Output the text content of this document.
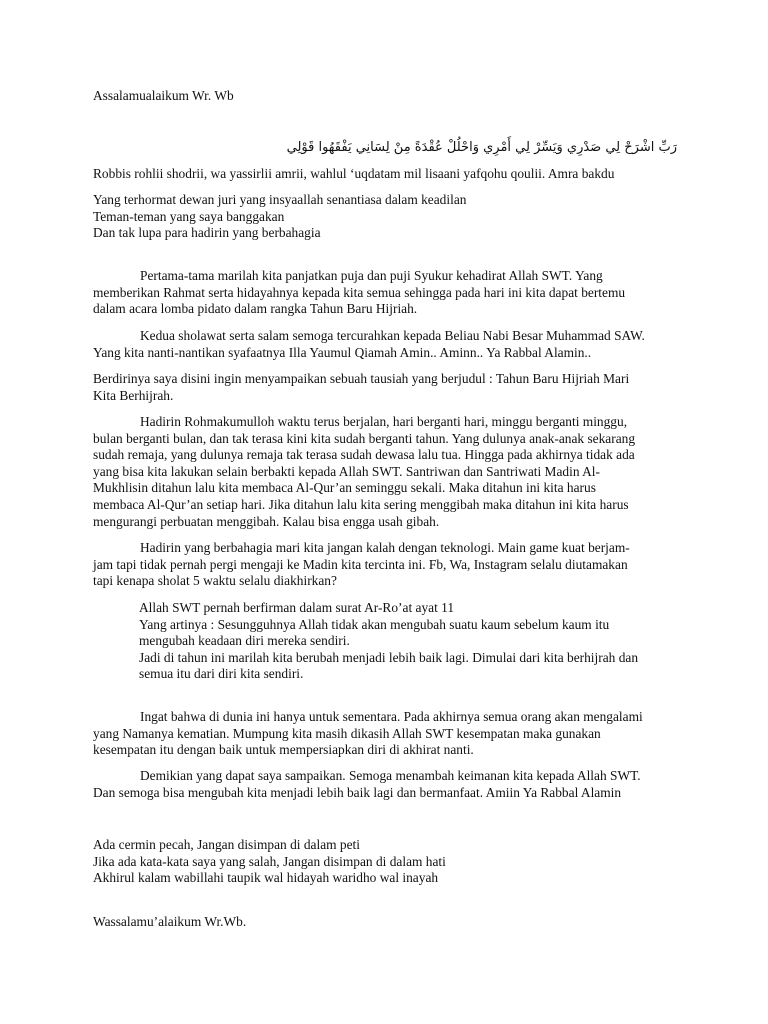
Assalamualaikum Wr. Wb

رَبِّ اشْرَحْ لِي صَدْرِي وَيَسِّرْ لِي أَمْرِي وَاحْلُلْ عُقْدَةً مِنْ لِسَانِي يَفْقَهُوا قَوْلِي

Robbis rohlii shodrii, wa yassirlii amrii, wahlul ‘uqdatam mil lisaani yafqohu qoulii. Amra bakdu

Yang terhormat dewan juri yang insyaallah senantiasa dalam keadilan
Teman-teman yang saya banggakan
Dan tak lupa para hadirin yang berbahagia
Pertama-tama marilah kita panjatkan puja dan puji Syukur kehadirat Allah SWT. Yang
memberikan Rahmat serta hidayahnya kepada kita semua sehingga pada hari ini kita dapat bertemu
dalam acara lomba pidato dalam rangka Tahun Baru Hijriah.
Kedua sholawat serta salam semoga tercurahkan kepada Beliau Nabi Besar Muhammad SAW.
Yang kita nanti-nantikan syafaatnya Illa Yaumul Qiamah Amin.. Aminn.. Ya Rabbal Alamin..
Berdirinya saya disini ingin menyampaikan sebuah tausiah yang berjudul : Tahun Baru Hijriah Mari
Kita Berhijrah.
Hadirin Rohmakumulloh waktu terus berjalan, hari berganti hari, minggu berganti minggu,
bulan berganti bulan, dan tak terasa kini kita sudah berganti tahun. Yang dulunya anak-anak sekarang
sudah remaja, yang dulunya remaja tak terasa sudah dewasa lalu tua. Hingga pada akhirnya tidak ada
yang bisa kita lakukan selain berbakti kepada Allah SWT. Santriwan dan Santriwati Madin Al-
Mukhlisin ditahun lalu kita membaca Al-Qur’an seminggu sekali. Maka ditahun ini kita harus
membaca Al-Qur’an setiap hari. Jika ditahun lalu kita sering menggibah maka ditahun ini kita harus
mengurangi perbuatan menggibah. Kalau bisa engga usah gibah.
Hadirin yang berbahagia mari kita jangan kalah dengan teknologi. Main game kuat berjam-
jam tapi tidak pernah pergi mengaji ke Madin kita tercinta ini. Fb, Wa, Instagram selalu diutamakan
tapi kenapa sholat 5 waktu selalu diakhirkan?
Allah SWT pernah berfirman dalam surat Ar-Ro’at ayat 11
Yang artinya : Sesungguhnya Allah tidak akan mengubah suatu kaum sebelum kaum itu
mengubah keadaan diri mereka sendiri.
Jadi di tahun ini marilah kita berubah menjadi lebih baik lagi. Dimulai dari kita berhijrah dan
semua itu dari diri kita sendiri.
Ingat bahwa di dunia ini hanya untuk sementara. Pada akhirnya semua orang akan mengalami
yang Namanya kematian. Mumpung kita masih dikasih Allah SWT kesempatan maka gunakan
kesempatan itu dengan baik untuk mempersiapkan diri di akhirat nanti.
Demikian yang dapat saya sampaikan. Semoga menambah keimanan kita kepada Allah SWT.
Dan semoga bisa mengubah kita menjadi lebih baik lagi dan bermanfaat. Amiin Ya Rabbal Alamin
Ada cermin pecah, Jangan disimpan di dalam peti
Jika ada kata-kata saya yang salah, Jangan disimpan di dalam hati
Akhirul kalam wabillahi taupik wal hidayah waridho wal inayah

Wassalamu’alaikum Wr.Wb.
